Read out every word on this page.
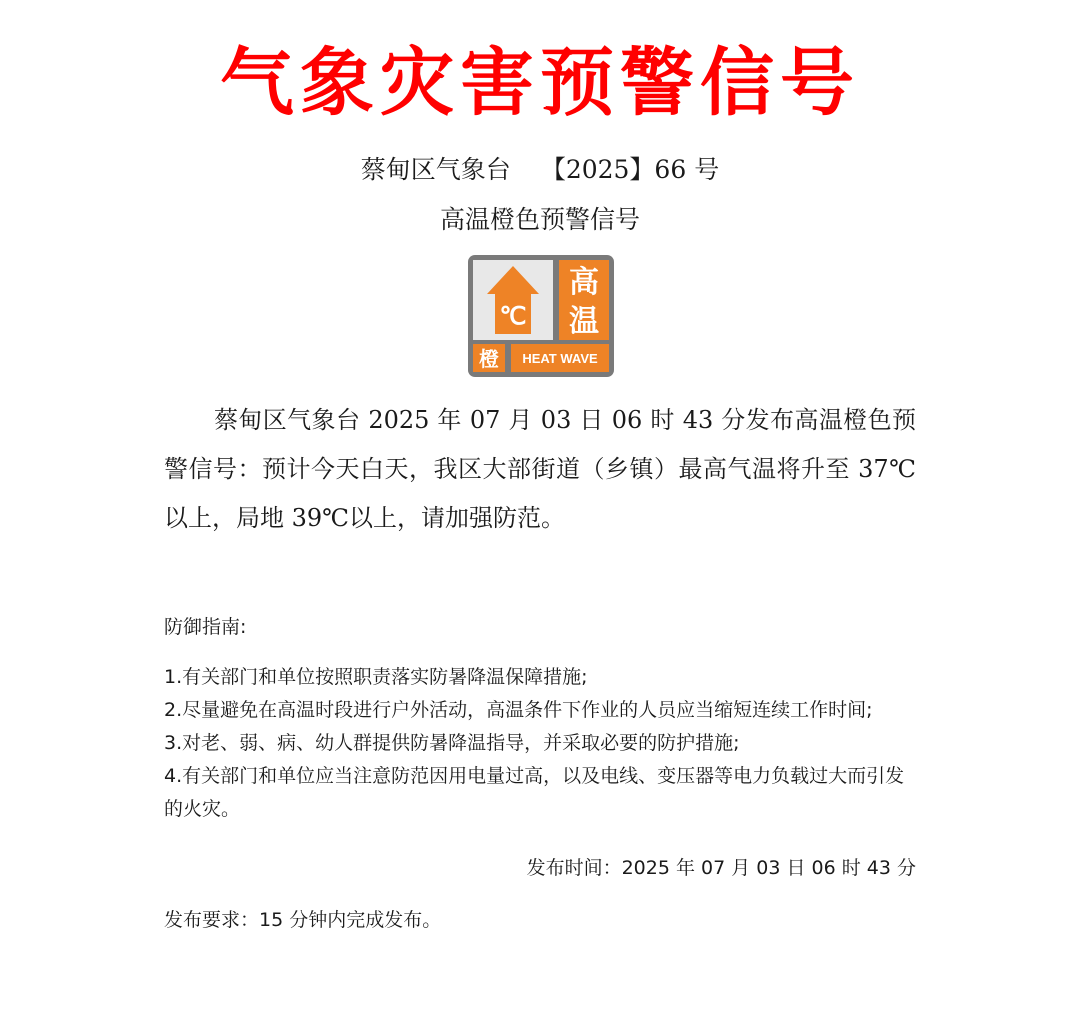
气象灾害预警信号
蔡甸区气象台 【2025】66 号
高温橙色预警信号
℃
高
温
橙 HEAT WAVE
蔡甸区气象台 2025 年 07 月 03 日 06 时 43 分发布高温橙色预警信号：预计今天白天，我区大部街道（乡镇）最高气温将升至 37℃以上，局地 39℃以上，请加强防范。
防御指南:
1.有关部门和单位按照职责落实防暑降温保障措施;
2.尽量避免在高温时段进行户外活动，高温条件下作业的人员应当缩短连续工作时间;
3.对老、弱、病、幼人群提供防暑降温指导，并采取必要的防护措施;
4.有关部门和单位应当注意防范因用电量过高，以及电线、变压器等电力负载过大而引发的火灾。
发布时间：2025 年 07 月 03 日 06 时 43 分
发布要求：15 分钟内完成发布。
